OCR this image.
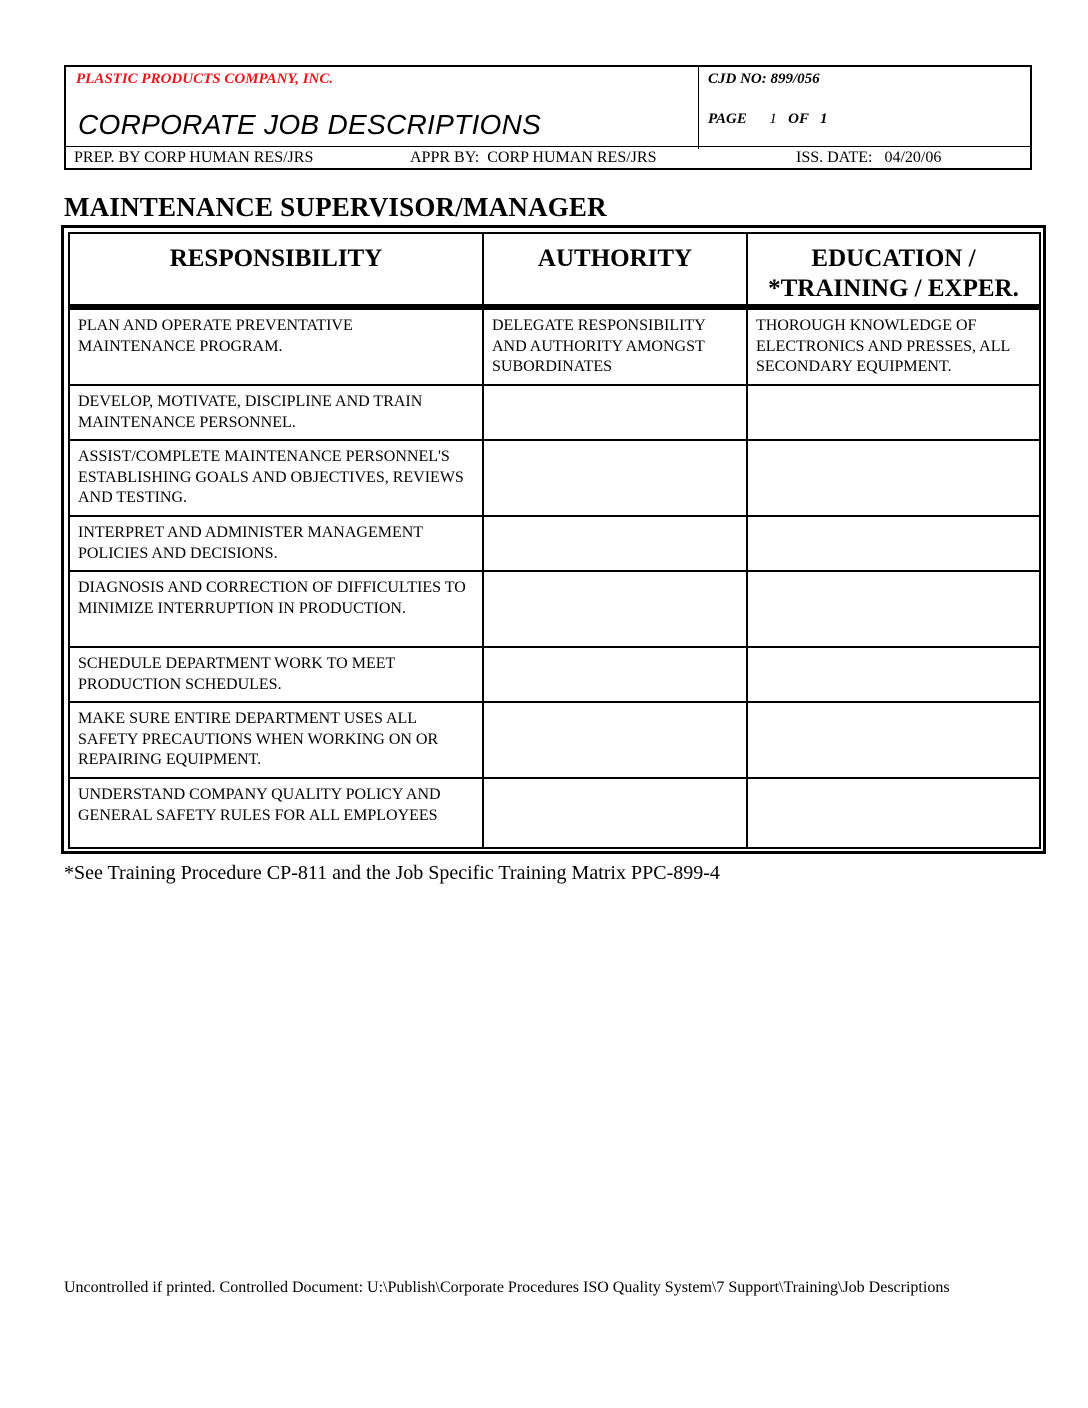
PLASTIC PRODUCTS COMPANY, INC.
CORPORATE JOB DESCRIPTIONS
CJD NO: 899/056
PAGE 1 OF 1
PREP. BY CORP HUMAN RES/JRS	APPR BY:  CORP HUMAN RES/JRS	ISS. DATE:   04/20/06
MAINTENANCE SUPERVISOR/MANAGER
RESPONSIBILITY	AUTHORITY	EDUCATION /
*TRAINING / EXPER.

PLAN AND OPERATE PREVENTATIVE MAINTENANCE PROGRAM.	DELEGATE RESPONSIBILITY AND AUTHORITY AMONGST SUBORDINATES	THOROUGH KNOWLEDGE OF ELECTRONICS AND PRESSES, ALL SECONDARY EQUIPMENT.
DEVELOP, MOTIVATE, DISCIPLINE AND TRAIN MAINTENANCE PERSONNEL.		
ASSIST/COMPLETE MAINTENANCE PERSONNEL'S ESTABLISHING GOALS AND OBJECTIVES, REVIEWS AND TESTING.		
INTERPRET AND ADMINISTER MANAGEMENT POLICIES AND DECISIONS.		
DIAGNOSIS AND CORRECTION OF DIFFICULTIES TO MINIMIZE INTERRUPTION IN PRODUCTION.		
SCHEDULE DEPARTMENT WORK TO MEET PRODUCTION SCHEDULES.		
MAKE SURE ENTIRE DEPARTMENT USES ALL SAFETY PRECAUTIONS WHEN WORKING ON OR REPAIRING EQUIPMENT.		
UNDERSTAND COMPANY QUALITY POLICY AND GENERAL SAFETY RULES FOR ALL EMPLOYEES		
*See Training Procedure CP-811 and the Job Specific Training Matrix PPC-899-4
Uncontrolled if printed. Controlled Document: U:\Publish\Corporate Procedures ISO Quality System\7 Support\Training\Job Descriptions
